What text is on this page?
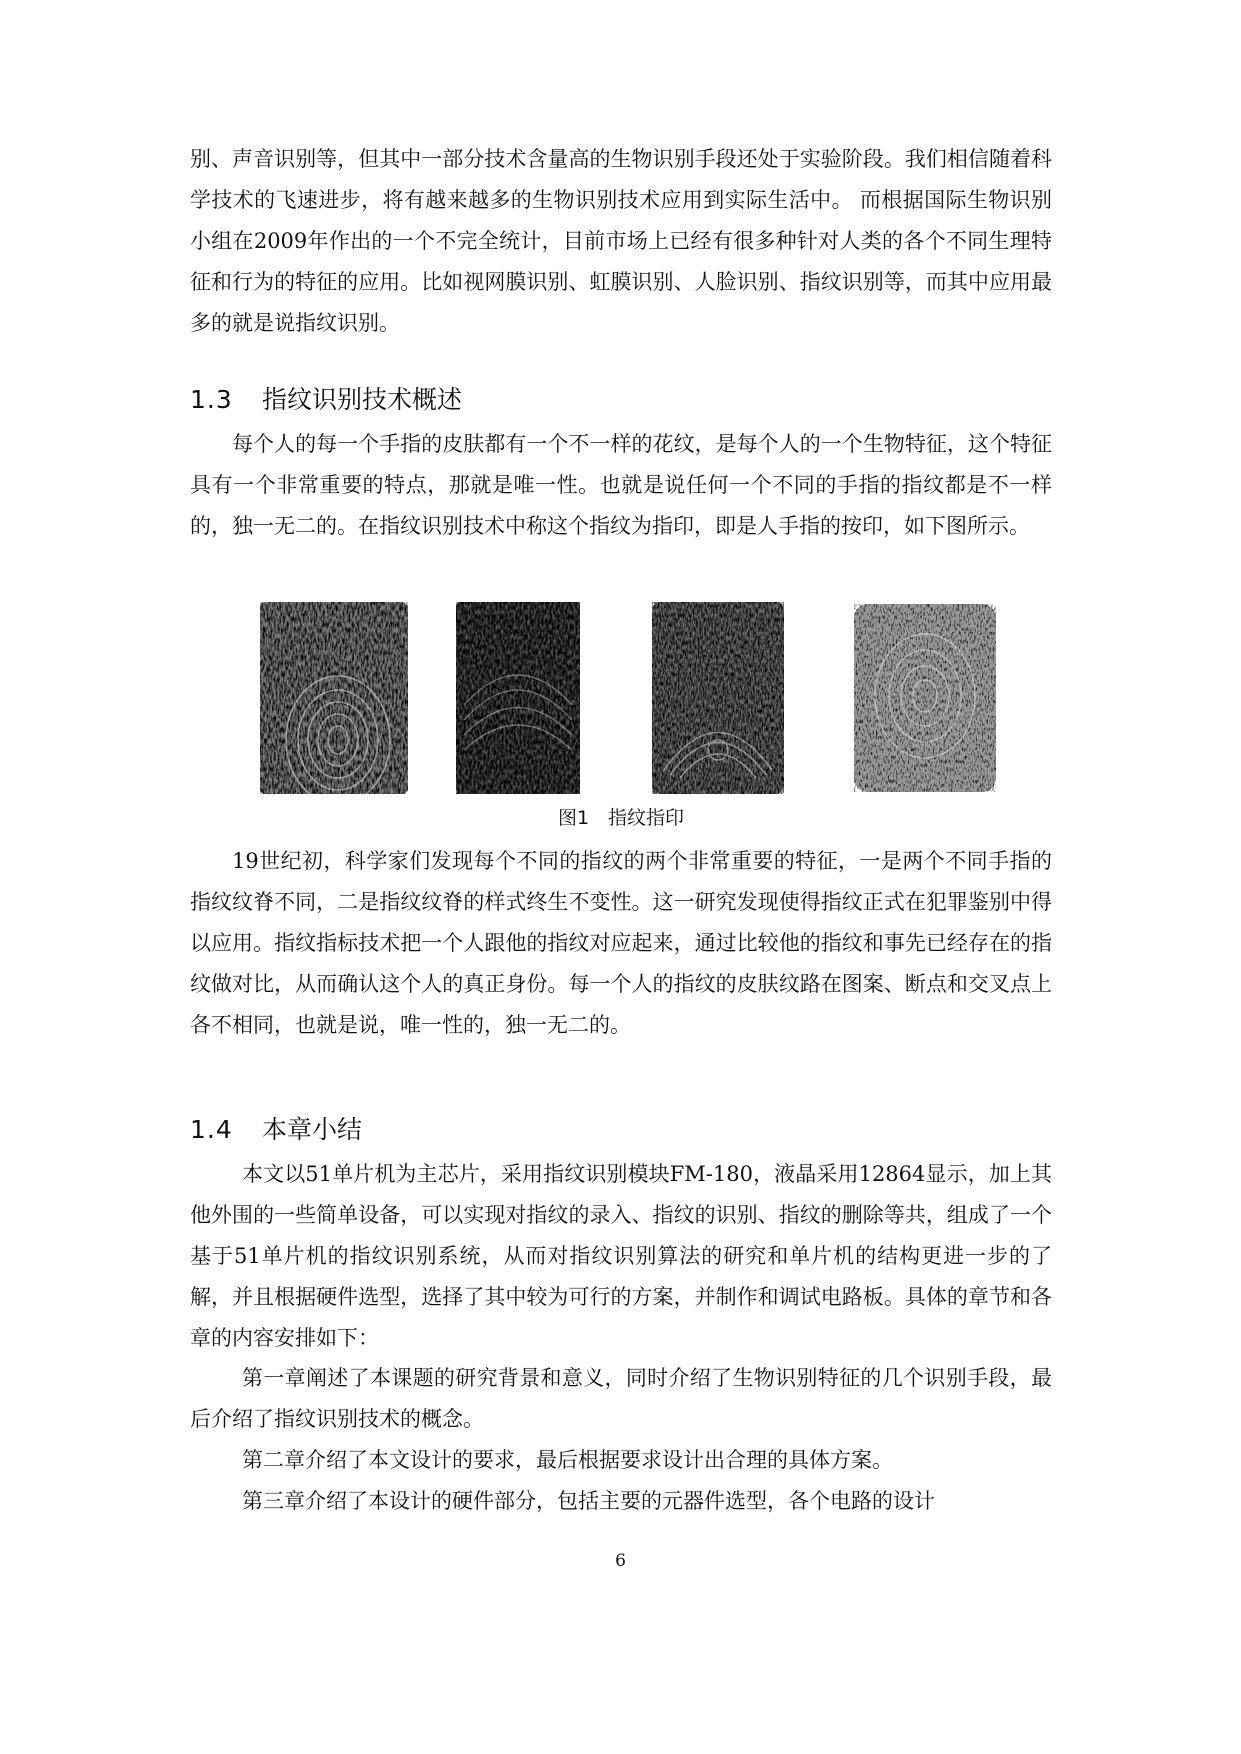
别、声音识别等，但其中一部分技术含量高的生物识别手段还处于实验阶段。我们相信随着科学技术的飞速进步，将有越来越多的生物识别技术应用到实际生活中。 而根据国际生物识别小组在2009年作出的一个不完全统计，目前市场上已经有很多种针对人类的各个不同生理特征和行为的特征的应用。比如视网膜识别、虹膜识别、人脸识别、指纹识别等，而其中应用最多的就是说指纹识别。
1.3 指纹识别技术概述
每个人的每一个手指的皮肤都有一个不一样的花纹，是每个人的一个生物特征，这个特征具有一个非常重要的特点，那就是唯一性。也就是说任何一个不同的手指的指纹都是不一样的，独一无二的。在指纹识别技术中称这个指纹为指印，即是人手指的按印，如下图所示。
图1　指纹指印
19世纪初，科学家们发现每个不同的指纹的两个非常重要的特征，一是两个不同手指的指纹纹脊不同，二是指纹纹脊的样式终生不变性。这一研究发现使得指纹正式在犯罪鉴别中得以应用。指纹指标技术把一个人跟他的指纹对应起来，通过比较他的指纹和事先已经存在的指纹做对比，从而确认这个人的真正身份。每一个人的指纹的皮肤纹路在图案、断点和交叉点上各不相同，也就是说，唯一性的，独一无二的。
1.4 本章小结
本文以51单片机为主芯片，采用指纹识别模块FM-180，液晶采用12864显示，加上其他外围的一些简单设备，可以实现对指纹的录入、指纹的识别、指纹的删除等共，组成了一个基于51单片机的指纹识别系统，从而对指纹识别算法的研究和单片机的结构更进一步的了解，并且根据硬件选型，选择了其中较为可行的方案，并制作和调试电路板。具体的章节和各章的内容安排如下：
第一章阐述了本课题的研究背景和意义，同时介绍了生物识别特征的几个识别手段，最后介绍了指纹识别技术的概念。
第二章介绍了本文设计的要求，最后根据要求设计出合理的具体方案。
第三章介绍了本设计的硬件部分，包括主要的元器件选型，各个电路的设计
6
